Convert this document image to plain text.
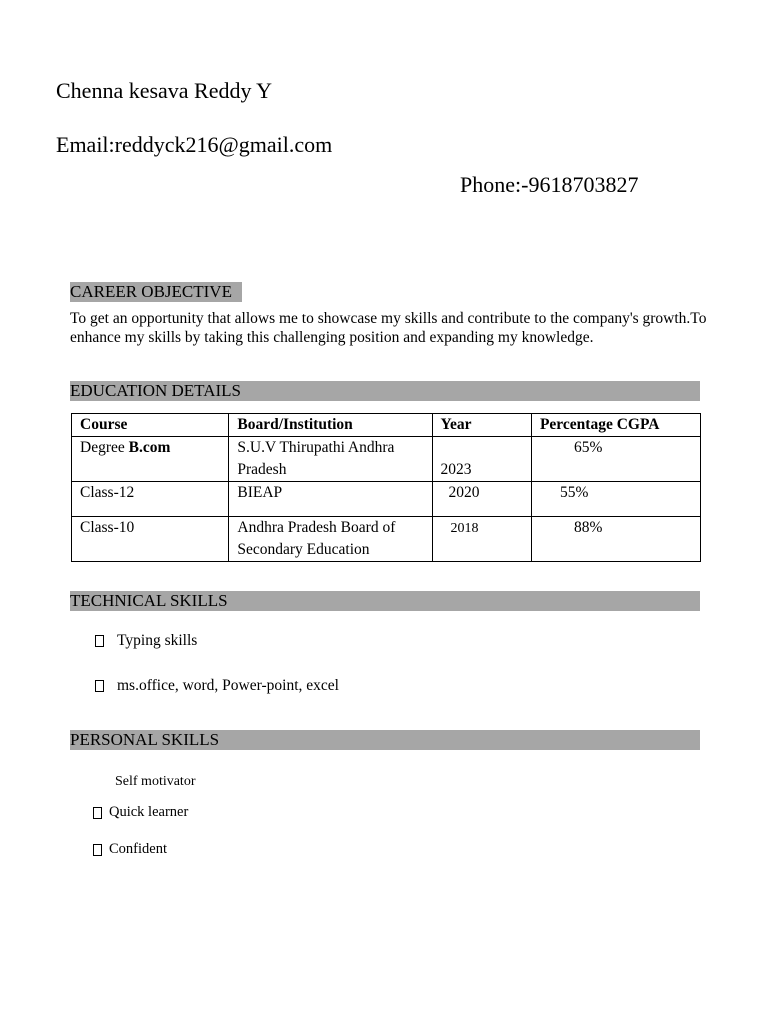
Chenna kesava Reddy Y
Email:reddyck216@gmail.com
Phone:-9618703827
CAREER OBJECTIVE
To get an opportunity that allows me to showcase my skills and contribute to the company's growth.To enhance my skills by taking this challenging position and expanding my knowledge.
EDUCATION DETAILS
Course	Board/Institution	Year	Percentage CGPA
Degree B.com	S.U.V Thirupathi Andhra Pradesh	2023	65%
Class-12	BIEAP	2020	55%
Class-10	Andhra Pradesh Board of Secondary Education	2018	88%
TECHNICAL SKILLS
Typing skills
ms.office, word, Power-point, excel
PERSONAL SKILLS
Self motivator
Quick learner
Confident
